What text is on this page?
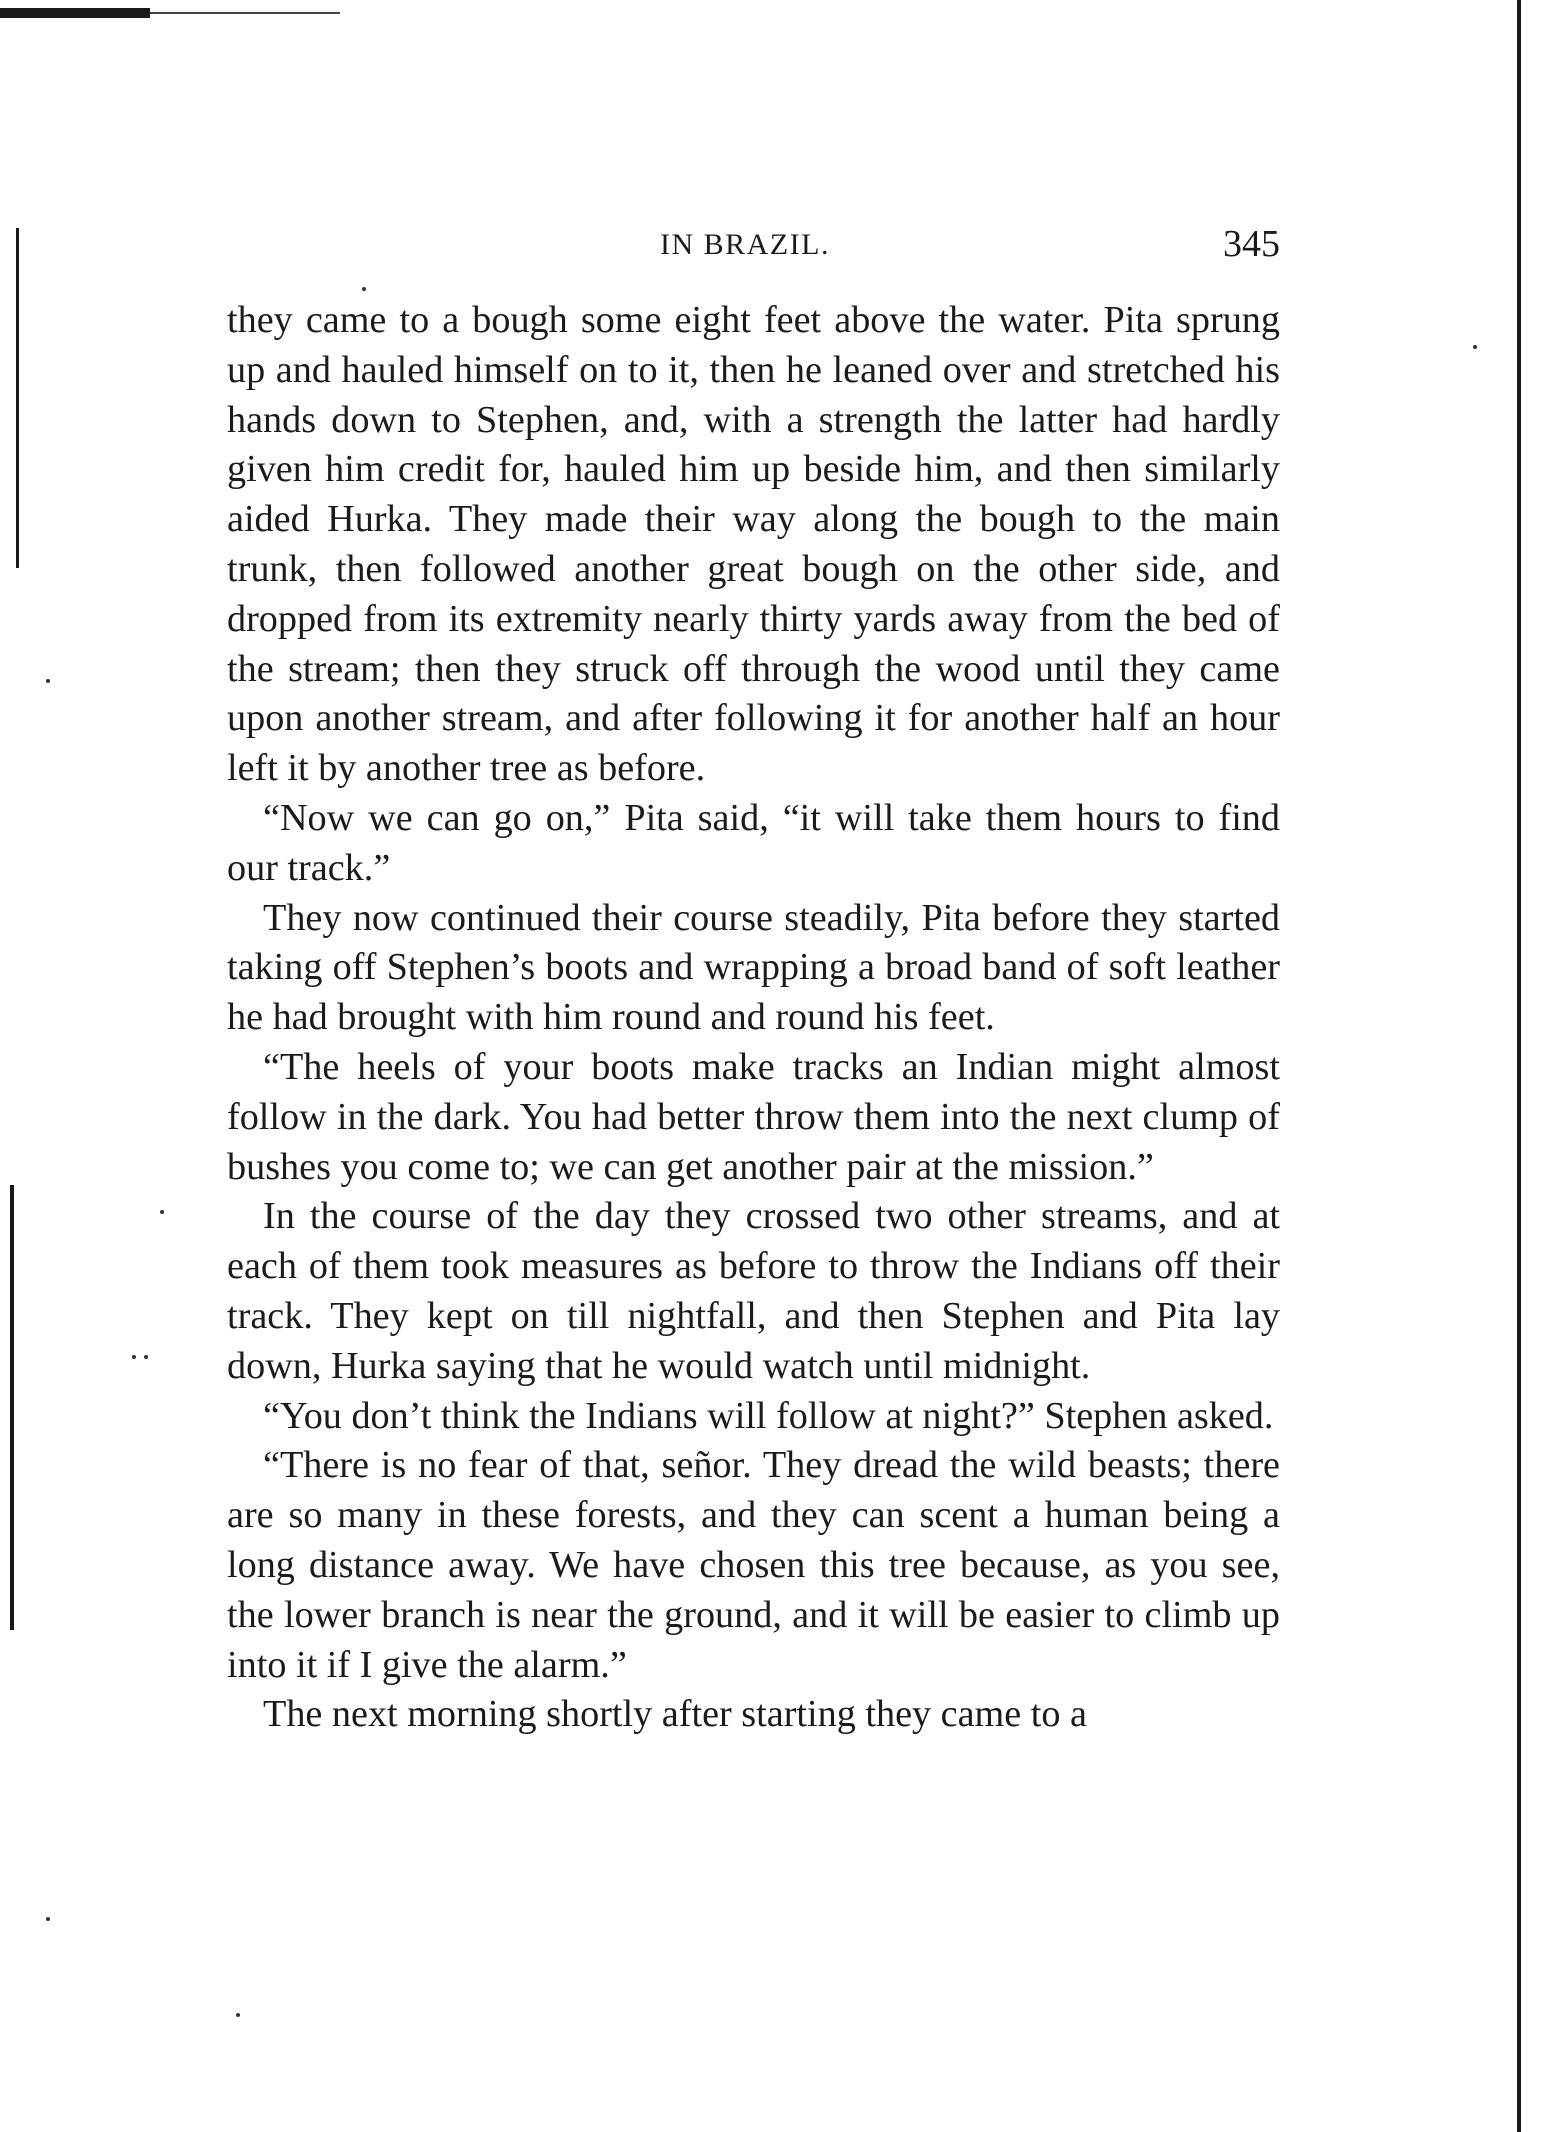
IN BRAZIL.	345

they came to a bough some eight feet above the water. Pita sprung up and hauled himself on to it, then he leaned over and stretched his hands down to Stephen, and, with a strength the latter had hardly given him credit for, hauled him up beside him, and then similarly aided Hurka. They made their way along the bough to the main trunk, then followed another great bough on the other side, and dropped from its extremity nearly thirty yards away from the bed of the stream; then they struck off through the wood until they came upon another stream, and after following it for another half an hour left it by another tree as before.

“Now we can go on,” Pita said, “it will take them hours to find our track.”

They now continued their course steadily, Pita before they started taking off Stephen’s boots and wrapping a broad band of soft leather he had brought with him round and round his feet.

“The heels of your boots make tracks an Indian might almost follow in the dark. You had better throw them into the next clump of bushes you come to; we can get another pair at the mission.”

In the course of the day they crossed two other streams, and at each of them took measures as before to throw the Indians off their track. They kept on till nightfall, and then Stephen and Pita lay down, Hurka saying that he would watch until midnight.

“You don’t think the Indians will follow at night?” Stephen asked.

“There is no fear of that, señor. They dread the wild beasts; there are so many in these forests, and they can scent a human being a long distance away. We have chosen this tree because, as you see, the lower branch is near the ground, and it will be easier to climb up into it if I give the alarm.”

The next morning shortly after starting they came to a
